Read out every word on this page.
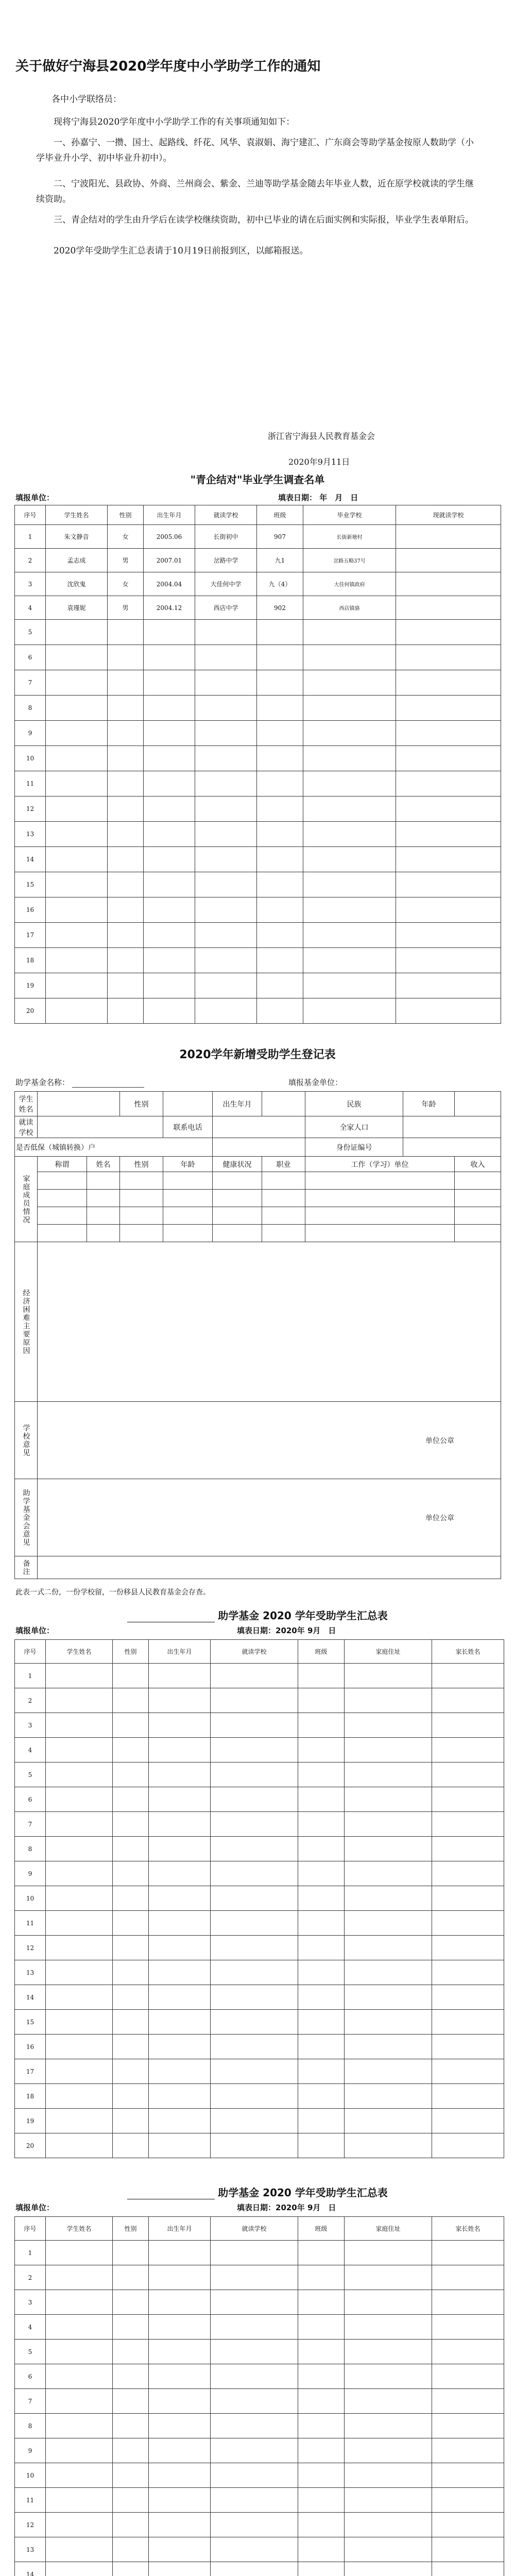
关于做好宁海县2020学年度中小学助学工作的通知
各中小学联络员：
现将宁海县2020学年度中小学助学工作的有关事项通知如下：
一、孙嘉宁、一攒、国士、起路线、纤花、风华、袁淑娟、海宁建汇、广东商会等助学基金按原人数助学（小学毕业升小学、初中毕业升初中）。
二、宁波阳光、县政协、外商、兰州商会、紫金、兰迪等助学基金随去年毕业人数，近在原学校就读的学生继续资助。
三、青企结对的学生由升学后在读学校继续资助，初中已毕业的请在后面实例和实际报，毕业学生表单附后。
2020学年受助学生汇总表请于10月19日前报到区，以邮箱报送。
浙江省宁海县人民教育基金会
2020年9月11日
"青企结对"毕业学生调查名单
填报单位：	填表日期： 年　月　日
序号	学生姓名	性别	出生年月	就读学校	班级	毕业学校	现就读学校
1	朱文静音	女	2005.06	长街初中	907	长街新塘村	
2	孟志成	男	2007.01	岔路中学	九1	岔路五略37号	
3	沈欣鬼	女	2004.04	大佳何中学	九（4）	大佳何镇政府	
4	袁瑾妮	男	2004.12	西店中学	902	西店镇骆	
5							
6							
7							
8							
9							
10							
11							
12							
13							
14							
15							
16							
17							
18							
19							
20							
2020学年新增受助学生登记表
助学基金名称：	填报基金单位：
学生姓名			性别		出生年月		民族	年龄	
就读学校				联系电话			全家人口		
是否低保（城镇转换）户							身份证编号		
家庭成员情况	称谓	姓名	性别	年龄	健康状况	职业	工作（学习）单位		收入

经济困难主要原因									
学校意见	单位公章								
助学基金会意见	单位公章								
备注									
此表一式二份，一份学校留，一份移县人民教育基金会存查。
助学基金 2020 学年受助学生汇总表
填报单位：	填表日期：2020年 9月　日
序号	学生姓名	性别	出生年月	就读学校	班级	家庭住址	家长姓名
1							
2							
3							
4							
5							
6							
7							
8							
9							
10							
11							
12							
13							
14							
15							
16							
17							
18							
19							
20							
助学基金 2020 学年受助学生汇总表
填报单位：	填表日期：2020年 9月　日
序号	学生姓名	性别	出生年月	就读学校	班级	家庭住址	家长姓名
1							
2							
3							
4							
5							
6							
7							
8							
9							
10							
11							
12							
13							
14							
